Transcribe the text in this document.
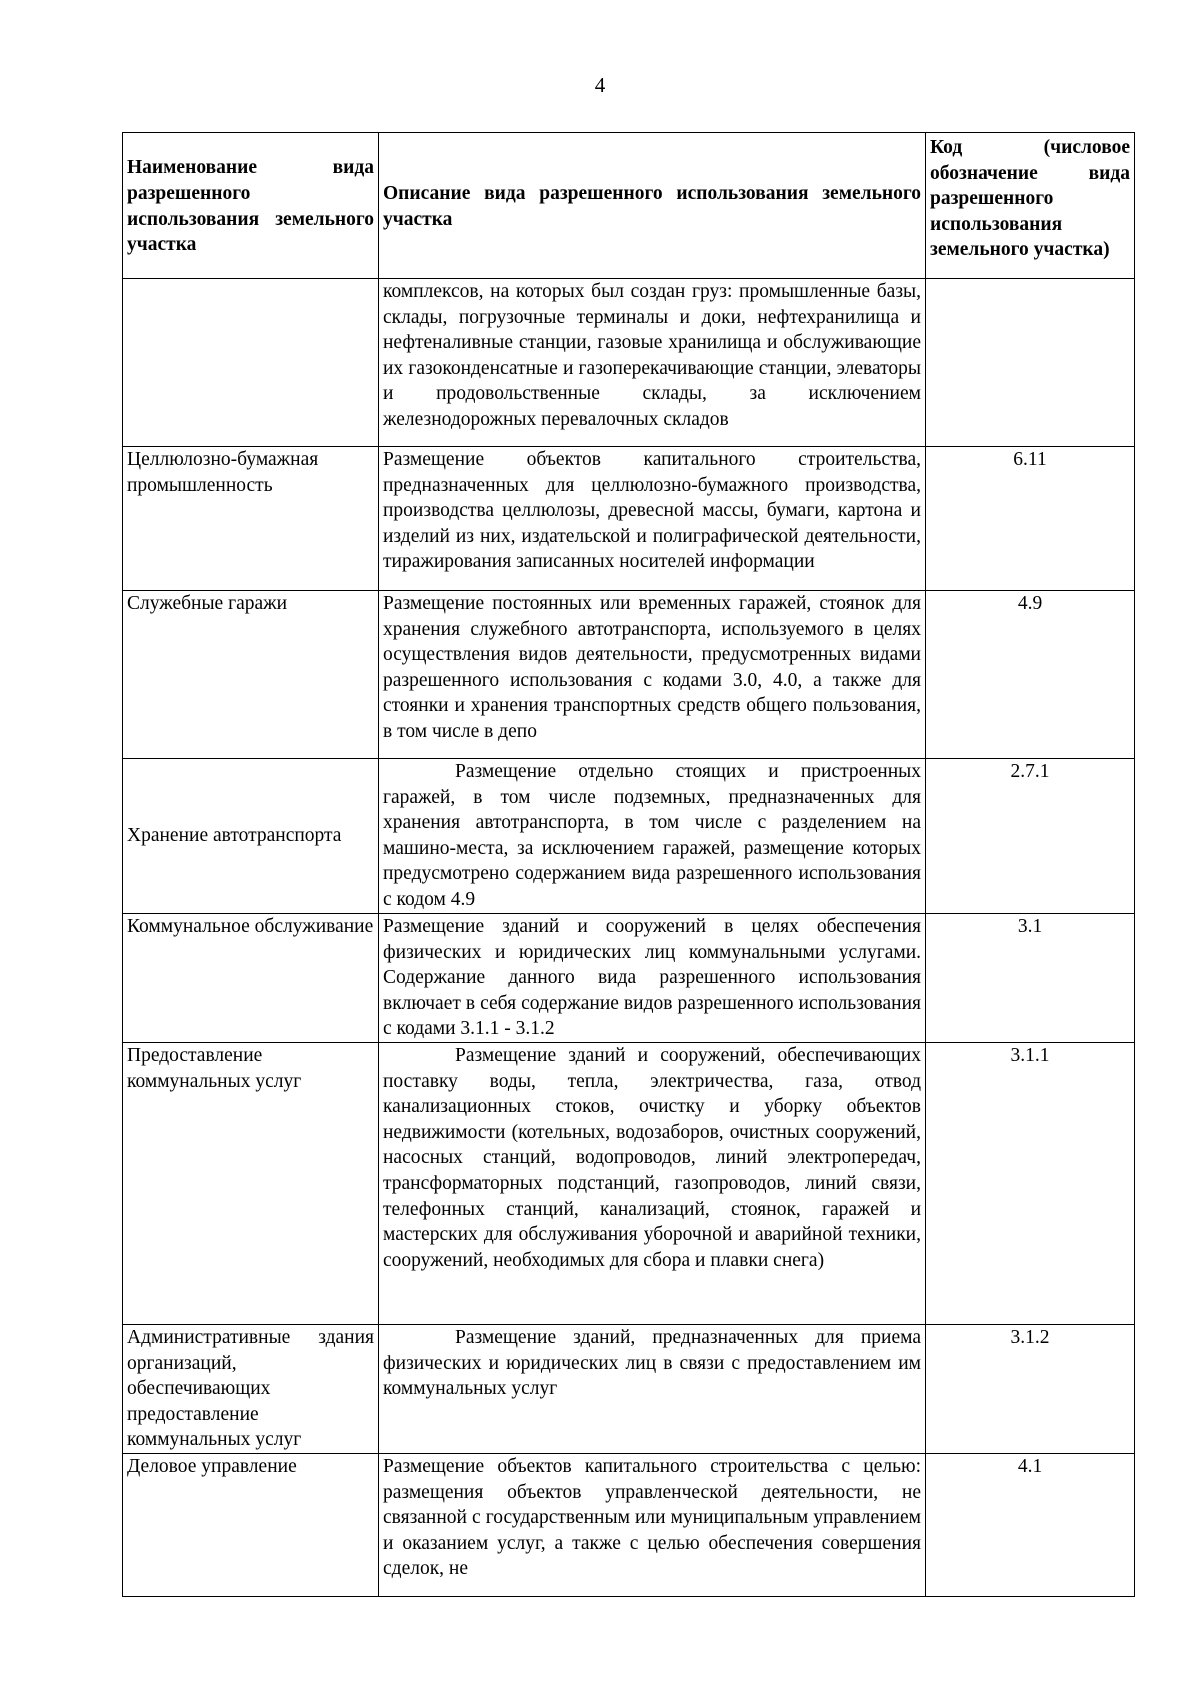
4
Наименование вида разрешенного использования земельного участка	Описание вида разрешенного использования земельного участка	Код (числовое обозначение вида разрешенного использования земельного участка)
	комплексов, на которых был создан груз: промышленные базы, склады, погрузочные терминалы и доки, нефтехранилища и нефтеналивные станции, газовые хранилища и обслуживающие их газоконденсатные и газоперекачивающие станции, элеваторы и продовольственные склады, за исключением железнодорожных перевалочных складов	
Целлюлозно-бумажная промышленность	Размещение объектов капитального строительства, предназначенных для целлюлозно-бумажного производства, производства целлюлозы, древесной массы, бумаги, картона и изделий из них, издательской и полиграфической деятельности, тиражирования записанных носителей информации	6.11
Служебные гаражи	Размещение постоянных или временных гаражей, стоянок для хранения служебного автотранспорта, используемого в целях осуществления видов деятельности, предусмотренных видами разрешенного использования с кодами 3.0, 4.0, а также для стоянки и хранения транспортных средств общего пользования, в том числе в депо	4.9
Хранение автотранспорта	Размещение отдельно стоящих и пристроенных гаражей, в том числе подземных, предназначенных для хранения автотранспорта, в том числе с разделением на машино-места, за исключением гаражей, размещение которых предусмотрено содержанием вида разрешенного использования с кодом 4.9	2.7.1
Коммунальное обслуживание	Размещение зданий и сооружений в целях обеспечения физических и юридических лиц коммунальными услугами. Содержание данного вида разрешенного использования включает в себя содержание видов разрешенного использования с кодами 3.1.1 - 3.1.2	3.1
Предоставление коммунальных услуг	Размещение зданий и сооружений, обеспечивающих поставку воды, тепла, электричества, газа, отвод канализационных стоков, очистку и уборку объектов недвижимости (котельных, водозаборов, очистных сооружений, насосных станций, водопроводов, линий электропередач, трансформаторных подстанций, газопроводов, линий связи, телефонных станций, канализаций, стоянок, гаражей и мастерских для обслуживания уборочной и аварийной техники, сооружений, необходимых для сбора и плавки снега)	3.1.1
Административные здания организаций, обеспечивающих предоставление коммунальных услуг	Размещение зданий, предназначенных для приема физических и юридических лиц в связи с предоставлением им коммунальных услуг	3.1.2
Деловое управление	Размещение объектов капитального строительства с целью: размещения объектов управленческой деятельности, не связанной с государственным или муниципальным управлением и оказанием услуг, а также с целью обеспечения совершения сделок, не	4.1
